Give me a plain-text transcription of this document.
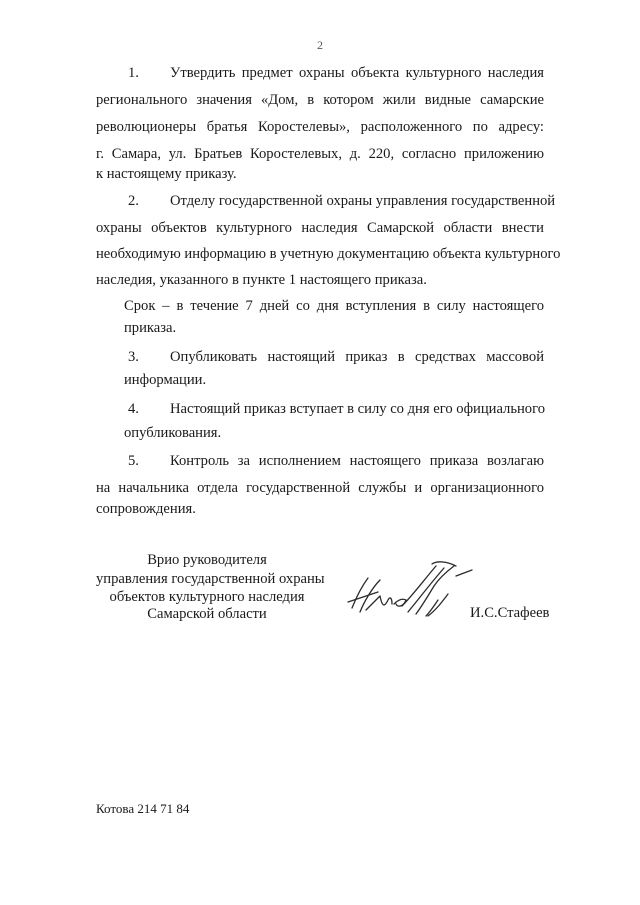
2
1. Утвердить предмет охраны объекта культурного наследия
регионального значения «Дом, в котором жили видные самарские
революционеры братья Коростелевы», расположенного по адресу:
г. Самара, ул. Братьев Коростелевых, д. 220, согласно приложению
к настоящему приказу.
2. Отделу государственной охраны управления государственной
охраны объектов культурного наследия Самарской области внести
необходимую информацию в учетную документацию объекта культурного
наследия, указанного в пункте 1 настоящего приказа.
Срок – в течение 7 дней со дня вступления в силу настоящего
приказа.
3. Опубликовать настоящий приказ в средствах массовой
информации.
4. Настоящий приказ вступает в силу со дня его официального
опубликования.
5. Контроль за исполнением настоящего приказа возлагаю
на начальника отдела государственной службы и организационного
сопровождения.
Врио руководителя
управления государственной охраны
объектов культурного наследия
Самарской области	И.С.Стафеев
Котова 214 71 84
